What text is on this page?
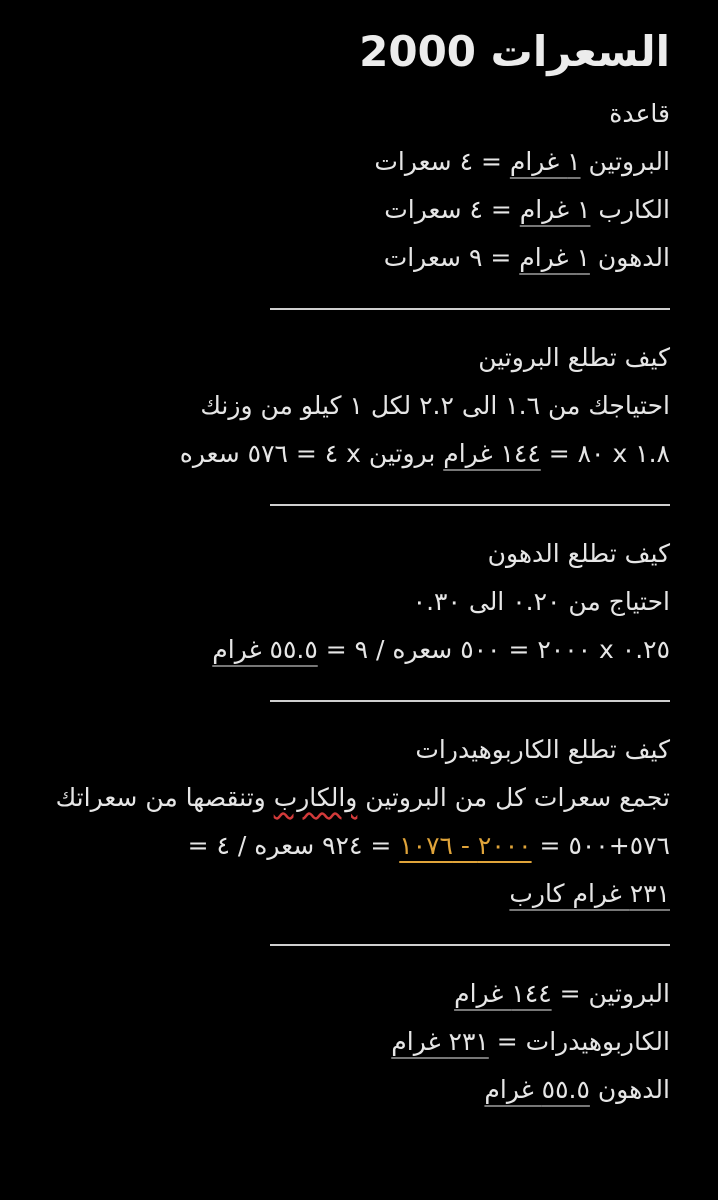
السعرات 2000
قاعدة
البروتين ١ غرام = ٤ سعرات
الكارب ١ غرام = ٤ سعرات
الدهون ١ غرام = ٩ سعرات
كيف تطلع البروتين
احتياجك من ١.٦ الى ٢.٢ لكل ١ كيلو من وزنك
١.٨ x ٨٠ = ١٤٤ غرام بروتين x ٤ = ٥٧٦ سعره
كيف تطلع الدهون
احتياج من ٠.٢٠ الى ٠.٣٠
٠.٢٥ x ٢٠٠٠ = ٥٠٠ سعره / ٩ = ٥٥.٥ غرام
كيف تطلع الكاربوهيدرات
تجمع سعرات كل من البروتين والكارب وتنقصها من سعراتك
٥٧٦+٥٠٠ = ٢٠٠٠ - ١٠٧٦ = ٩٢٤ سعره / ٤ =
٢٣١ غرام كارب
البروتين = ١٤٤ غرام
الكاربوهيدرات = ٢٣١ غرام
الدهون ٥٥.٥ غرام
